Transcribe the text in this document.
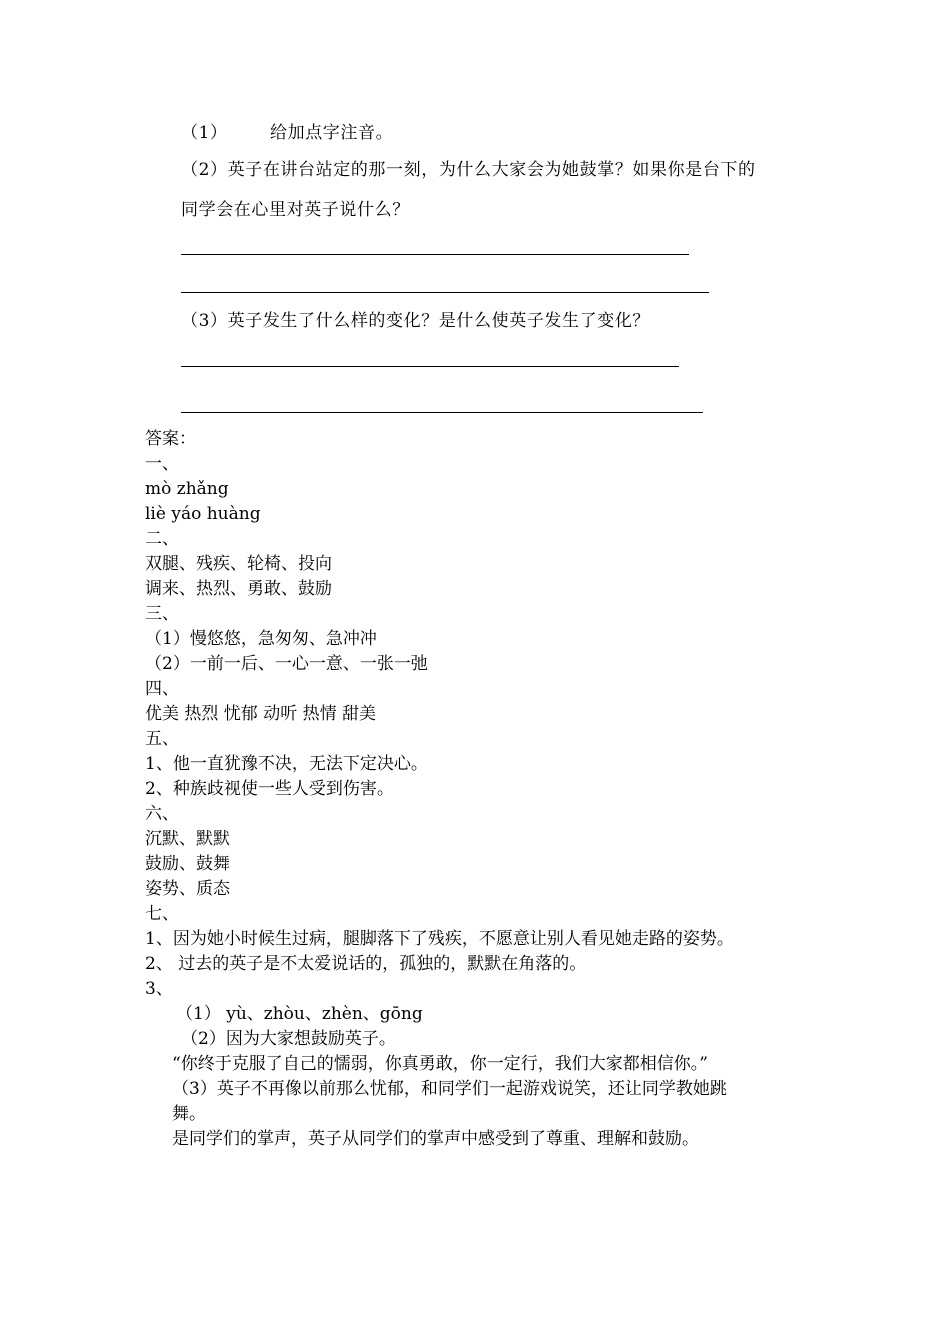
（1） 给加点字注音。
（2）英子在讲台站定的那一刻，为什么大家会为她鼓掌？如果你是台下的
同学会在心里对英子说什么？
（3）英子发生了什么样的变化？是什么使英子发生了变化？
答案：
一、
mò zhǎng
liè yáo huàng
二、
双腿、残疾、轮椅、投向
调来、热烈、勇敢、鼓励
三、
（1）慢悠悠，急匆匆、急冲冲
（2）一前一后、一心一意、一张一弛
四、
优美 热烈 忧郁 动听 热情 甜美
五、
1、他一直犹豫不决，无法下定决心。
2、种族歧视使一些人受到伤害。
六、
沉默、默默
鼓励、鼓舞
姿势、质态
七、
1、因为她小时候生过病，腿脚落下了残疾，不愿意让别人看见她走路的姿势。
2、 过去的英子是不太爱说话的，孤独的，默默在角落的。
3、
（1） yù、zhòu、zhèn、gōng
（2）因为大家想鼓励英子。
“你终于克服了自己的懦弱，你真勇敢，你一定行，我们大家都相信你。”
（3）英子不再像以前那么忧郁，和同学们一起游戏说笑，还让同学教她跳
舞。
是同学们的掌声，英子从同学们的掌声中感受到了尊重、理解和鼓励。
